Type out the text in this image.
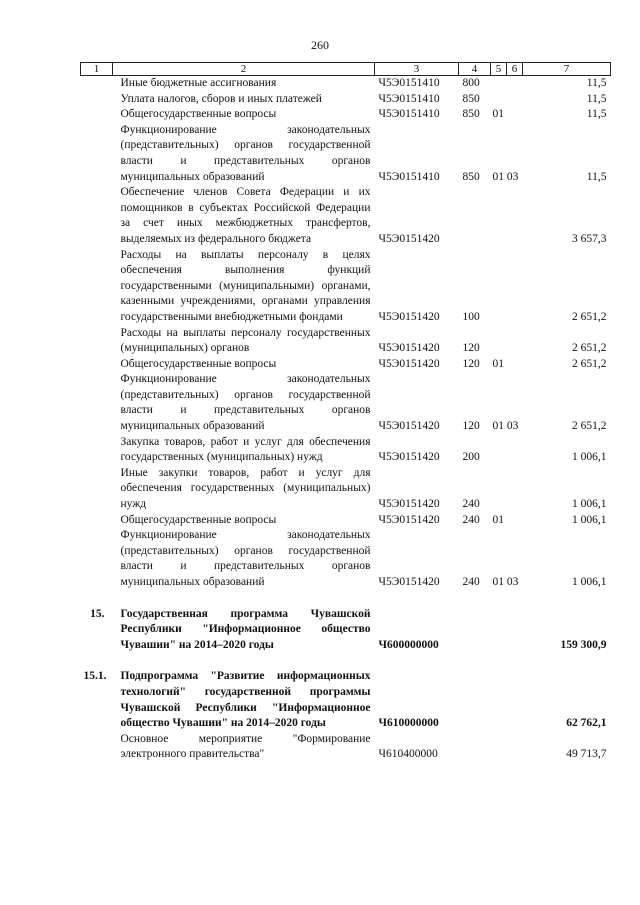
260
1	2	3	4	5	6	7
	Иные бюджетные ассигнования	Ч5Э0151410	800			11,5
	Уплата налогов, сборов и иных платежей	Ч5Э0151410	850			11,5
	Общегосударственные вопросы	Ч5Э0151410	850	01		11,5
	Функционирование законодательных (представительных) органов государственной власти и представительных органов муниципальных образований	Ч5Э0151410	850	01 03		11,5
	Обеспечение членов Совета Федерации и их помощников в субъектах Российской Федерации за счет иных межбюджетных трансфертов, выделяемых из федерального бюджета	Ч5Э0151420				3 657,3
	Расходы на выплаты персоналу в целях обеспечения выполнения функций государственными (муниципальными) органами, казенными учреждениями, органами управления государственными внебюджетными фондами	Ч5Э0151420	100			2 651,2
	Расходы на выплаты персоналу государственных (муниципальных) органов	Ч5Э0151420	120			2 651,2
	Общегосударственные вопросы	Ч5Э0151420	120	01		2 651,2
	Функционирование законодательных (представительных) органов государственной власти и представительных органов муниципальных образований	Ч5Э0151420	120	01 03		2 651,2
	Закупка товаров, работ и услуг для обеспечения государственных (муниципальных) нужд	Ч5Э0151420	200			1 006,1
	Иные закупки товаров, работ и услуг для обеспечения государственных (муниципальных) нужд	Ч5Э0151420	240			1 006,1
	Общегосударственные вопросы	Ч5Э0151420	240	01		1 006,1
	Функционирование законодательных (представительных) органов государственной власти и представительных органов муниципальных образований	Ч5Э0151420	240	01 03		1 006,1

15.	Государственная программа Чувашской Республики "Информационное общество Чувашии" на 2014–2020 годы	Ч600000000				159 300,9

15.1.	Подпрограмма "Развитие информационных технологий" государственной программы Чувашской Республики "Информационное общество Чувашии" на 2014–2020 годы	Ч610000000				62 762,1
	Основное мероприятие "Формирование электронного правительства"	Ч610400000				49 713,7
